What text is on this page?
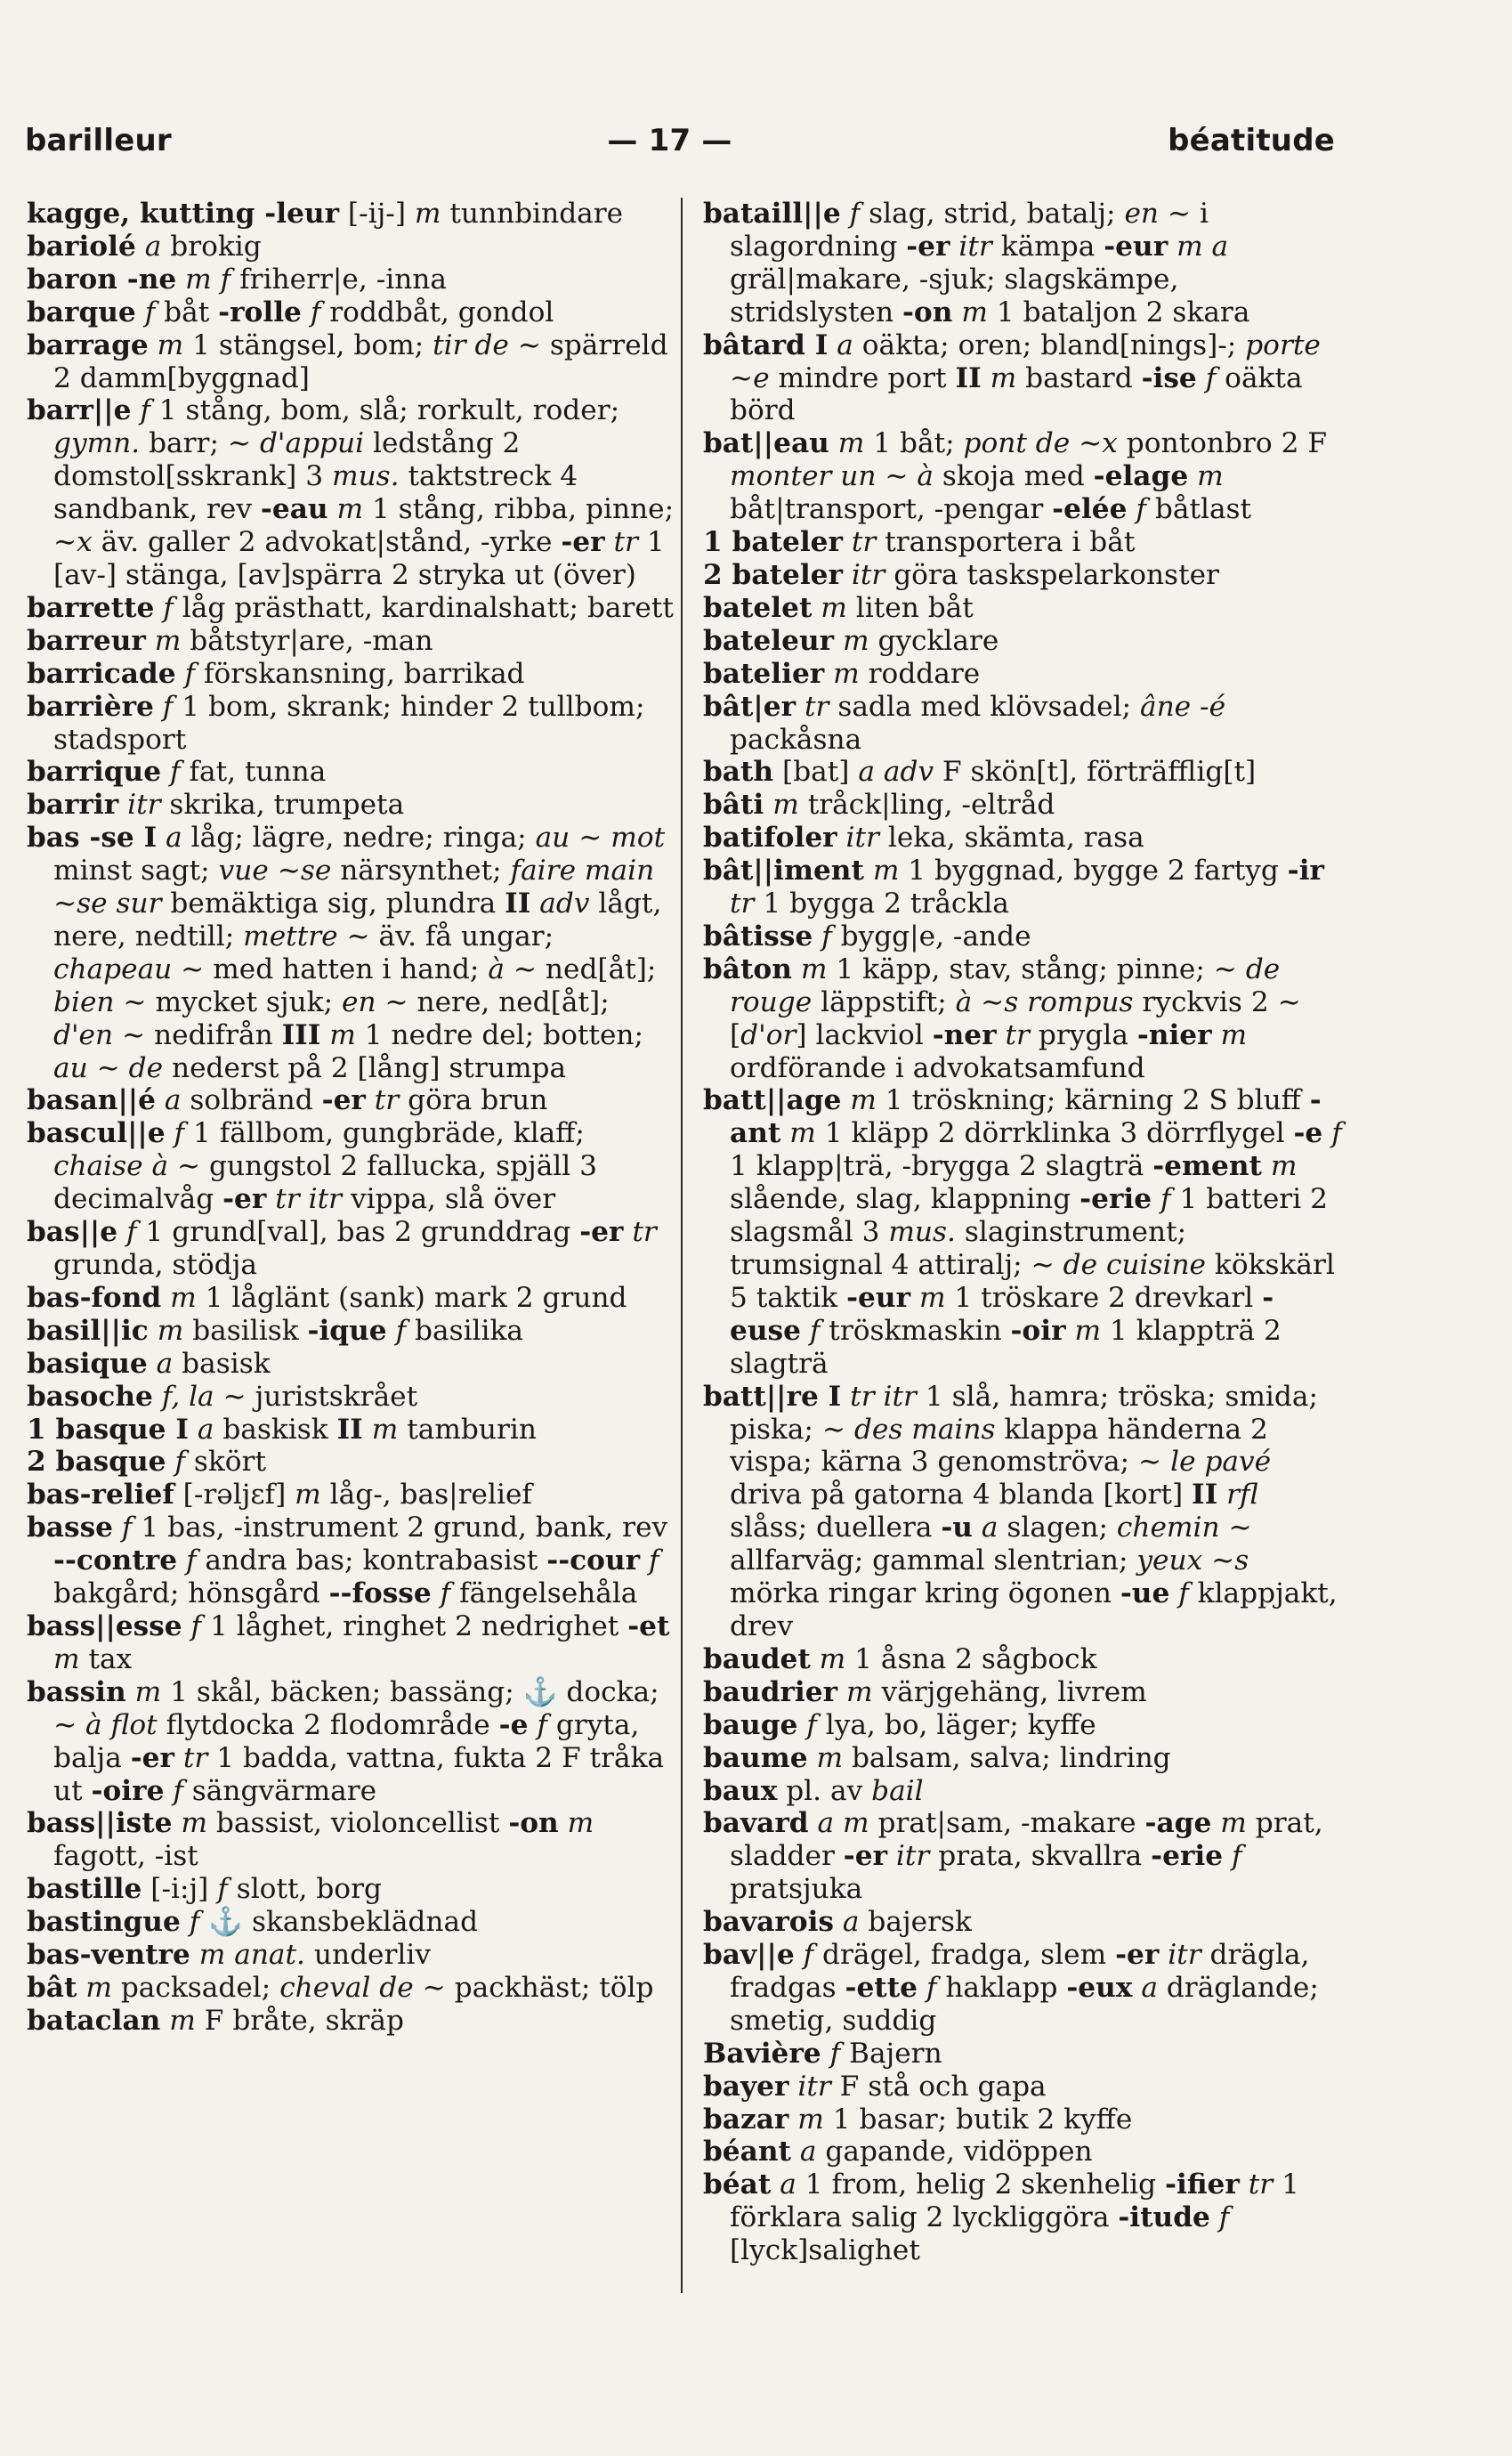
barilleur	— 17 —	béatitude

kagge, kutting -leur [-ij-] m tunnbindare

bariolé a brokig

baron -ne m f friherr|e, -inna

barque f båt -rolle f roddbåt, gondol

barrage m 1 stängsel, bom; tir de ∼ spärreld 2 damm[byggnad]

barr||e f 1 stång, bom, slå; rorkult, roder; gymn. barr; ∼ d'appui ledstång 2 domstol[sskrank] 3 mus. taktstreck 4 sandbank, rev -eau m 1 stång, ribba, pinne; ∼x äv. galler 2 advokat|stånd, -yrke -er tr 1 [av-] stänga, [av]spärra 2 stryka ut (över)

barrette f låg prästhatt, kardinalshatt; barett

barreur m båtstyr|are, -man

barricade f förskansning, barrikad

barrière f 1 bom, skrank; hinder 2 tullbom; stadsport

barrique f fat, tunna

barrir itr skrika, trumpeta

bas -se I a låg; lägre, nedre; ringa; au ∼ mot minst sagt; vue ∼se närsynthet; faire main ∼se sur bemäktiga sig, plundra II adv lågt, nere, nedtill; mettre ∼ äv. få ungar; chapeau ∼ med hatten i hand; à ∼ ned[åt]; bien ∼ mycket sjuk; en ∼ nere, ned[åt]; d'en ∼ nedifrån III m 1 nedre del; botten; au ∼ de nederst på 2 [lång] strumpa

basan||é a solbränd -er tr göra brun

bascul||e f 1 fällbom, gungbräde, klaff; chaise à ∼ gungstol 2 fallucka, spjäll 3 decimalvåg -er tr itr vippa, slå över

bas||e f 1 grund[val], bas 2 grunddrag -er tr grunda, stödja

bas-fond m 1 låglänt (sank) mark 2 grund

basil||ic m basilisk -ique f basilika

basique a basisk

basoche f, la ∼ juristskrået

1 basque I a baskisk II m tamburin

2 basque f skört

bas-relief [-rəljɛf] m låg-, bas|relief

basse f 1 bas, -instrument 2 grund, bank, rev --contre f andra bas; kontrabasist --cour f bakgård; hönsgård --fosse f fängelsehåla

bass||esse f 1 låghet, ringhet 2 nedrighet -et m tax

bassin m 1 skål, bäcken; bassäng; ⚓ docka; ∼ à flot flytdocka 2 flodområde -e f gryta, balja -er tr 1 badda, vattna, fukta 2 F tråka ut -oire f sängvärmare

bass||iste m bassist, violoncellist -on m fagott, -ist

bastille [-i:j] f slott, borg

bastingue f ⚓ skansbeklädnad

bas-ventre m anat. underliv

bât m packsadel; cheval de ∼ packhäst; tölp

bataclan m F bråte, skräp

bataill||e f slag, strid, batalj; en ∼ i slagordning -er itr kämpa -eur m a gräl|makare, -sjuk; slagskämpe, stridslysten -on m 1 bataljon 2 skara

bâtard I a oäkta; oren; bland[nings]-; porte ∼e mindre port II m bastard -ise f oäkta börd

bat||eau m 1 båt; pont de ∼x pontonbro 2 F monter un ∼ à skoja med -elage m båt|transport, -pengar -elée f båtlast

1 bateler tr transportera i båt

2 bateler itr göra taskspelarkonster

batelet m liten båt

bateleur m gycklare

batelier m roddare

bât|er tr sadla med klövsadel; âne -é packåsna

bath [bat] a adv F skön[t], förträfflig[t]

bâti m tråck|ling, -eltråd

batifoler itr leka, skämta, rasa

bât||iment m 1 byggnad, bygge 2 fartyg -ir tr 1 bygga 2 tråckla

bâtisse f bygg|e, -ande

bâton m 1 käpp, stav, stång; pinne; ∼ de rouge läppstift; à ∼s rompus ryckvis 2 ∼ [d'or] lackviol -ner tr prygla -nier m ordförande i advokatsamfund

batt||age m 1 tröskning; kärning 2 S bluff -ant m 1 kläpp 2 dörrklinka 3 dörrflygel -e f 1 klapp|trä, -brygga 2 slagträ -ement m slående, slag, klappning -erie f 1 batteri 2 slagsmål 3 mus. slaginstrument; trumsignal 4 attiralj; ∼ de cuisine kökskärl 5 taktik -eur m 1 tröskare 2 drevkarl -euse f tröskmaskin -oir m 1 klappträ 2 slagträ

batt||re I tr itr 1 slå, hamra; tröska; smida; piska; ∼ des mains klappa händerna 2 vispa; kärna 3 genomströva; ∼ le pavé driva på gatorna 4 blanda [kort] II rfl slåss; duellera -u a slagen; chemin ∼ allfarväg; gammal slentrian; yeux ∼s mörka ringar kring ögonen -ue f klappjakt, drev

baudet m 1 åsna 2 sågbock

baudrier m värjgehäng, livrem

bauge f lya, bo, läger; kyffe

baume m balsam, salva; lindring

baux pl. av bail

bavard a m prat|sam, -makare -age m prat, sladder -er itr prata, skvallra -erie f pratsjuka

bavarois a bajersk

bav||e f drägel, fradga, slem -er itr drägla, fradgas -ette f haklapp -eux a dräglande; smetig, suddig

Bavière f Bajern

bayer itr F stå och gapa

bazar m 1 basar; butik 2 kyffe

béant a gapande, vidöppen

béat a 1 from, helig 2 skenhelig -ifier tr 1 förklara salig 2 lyckliggöra -itude f [lyck]salighet
